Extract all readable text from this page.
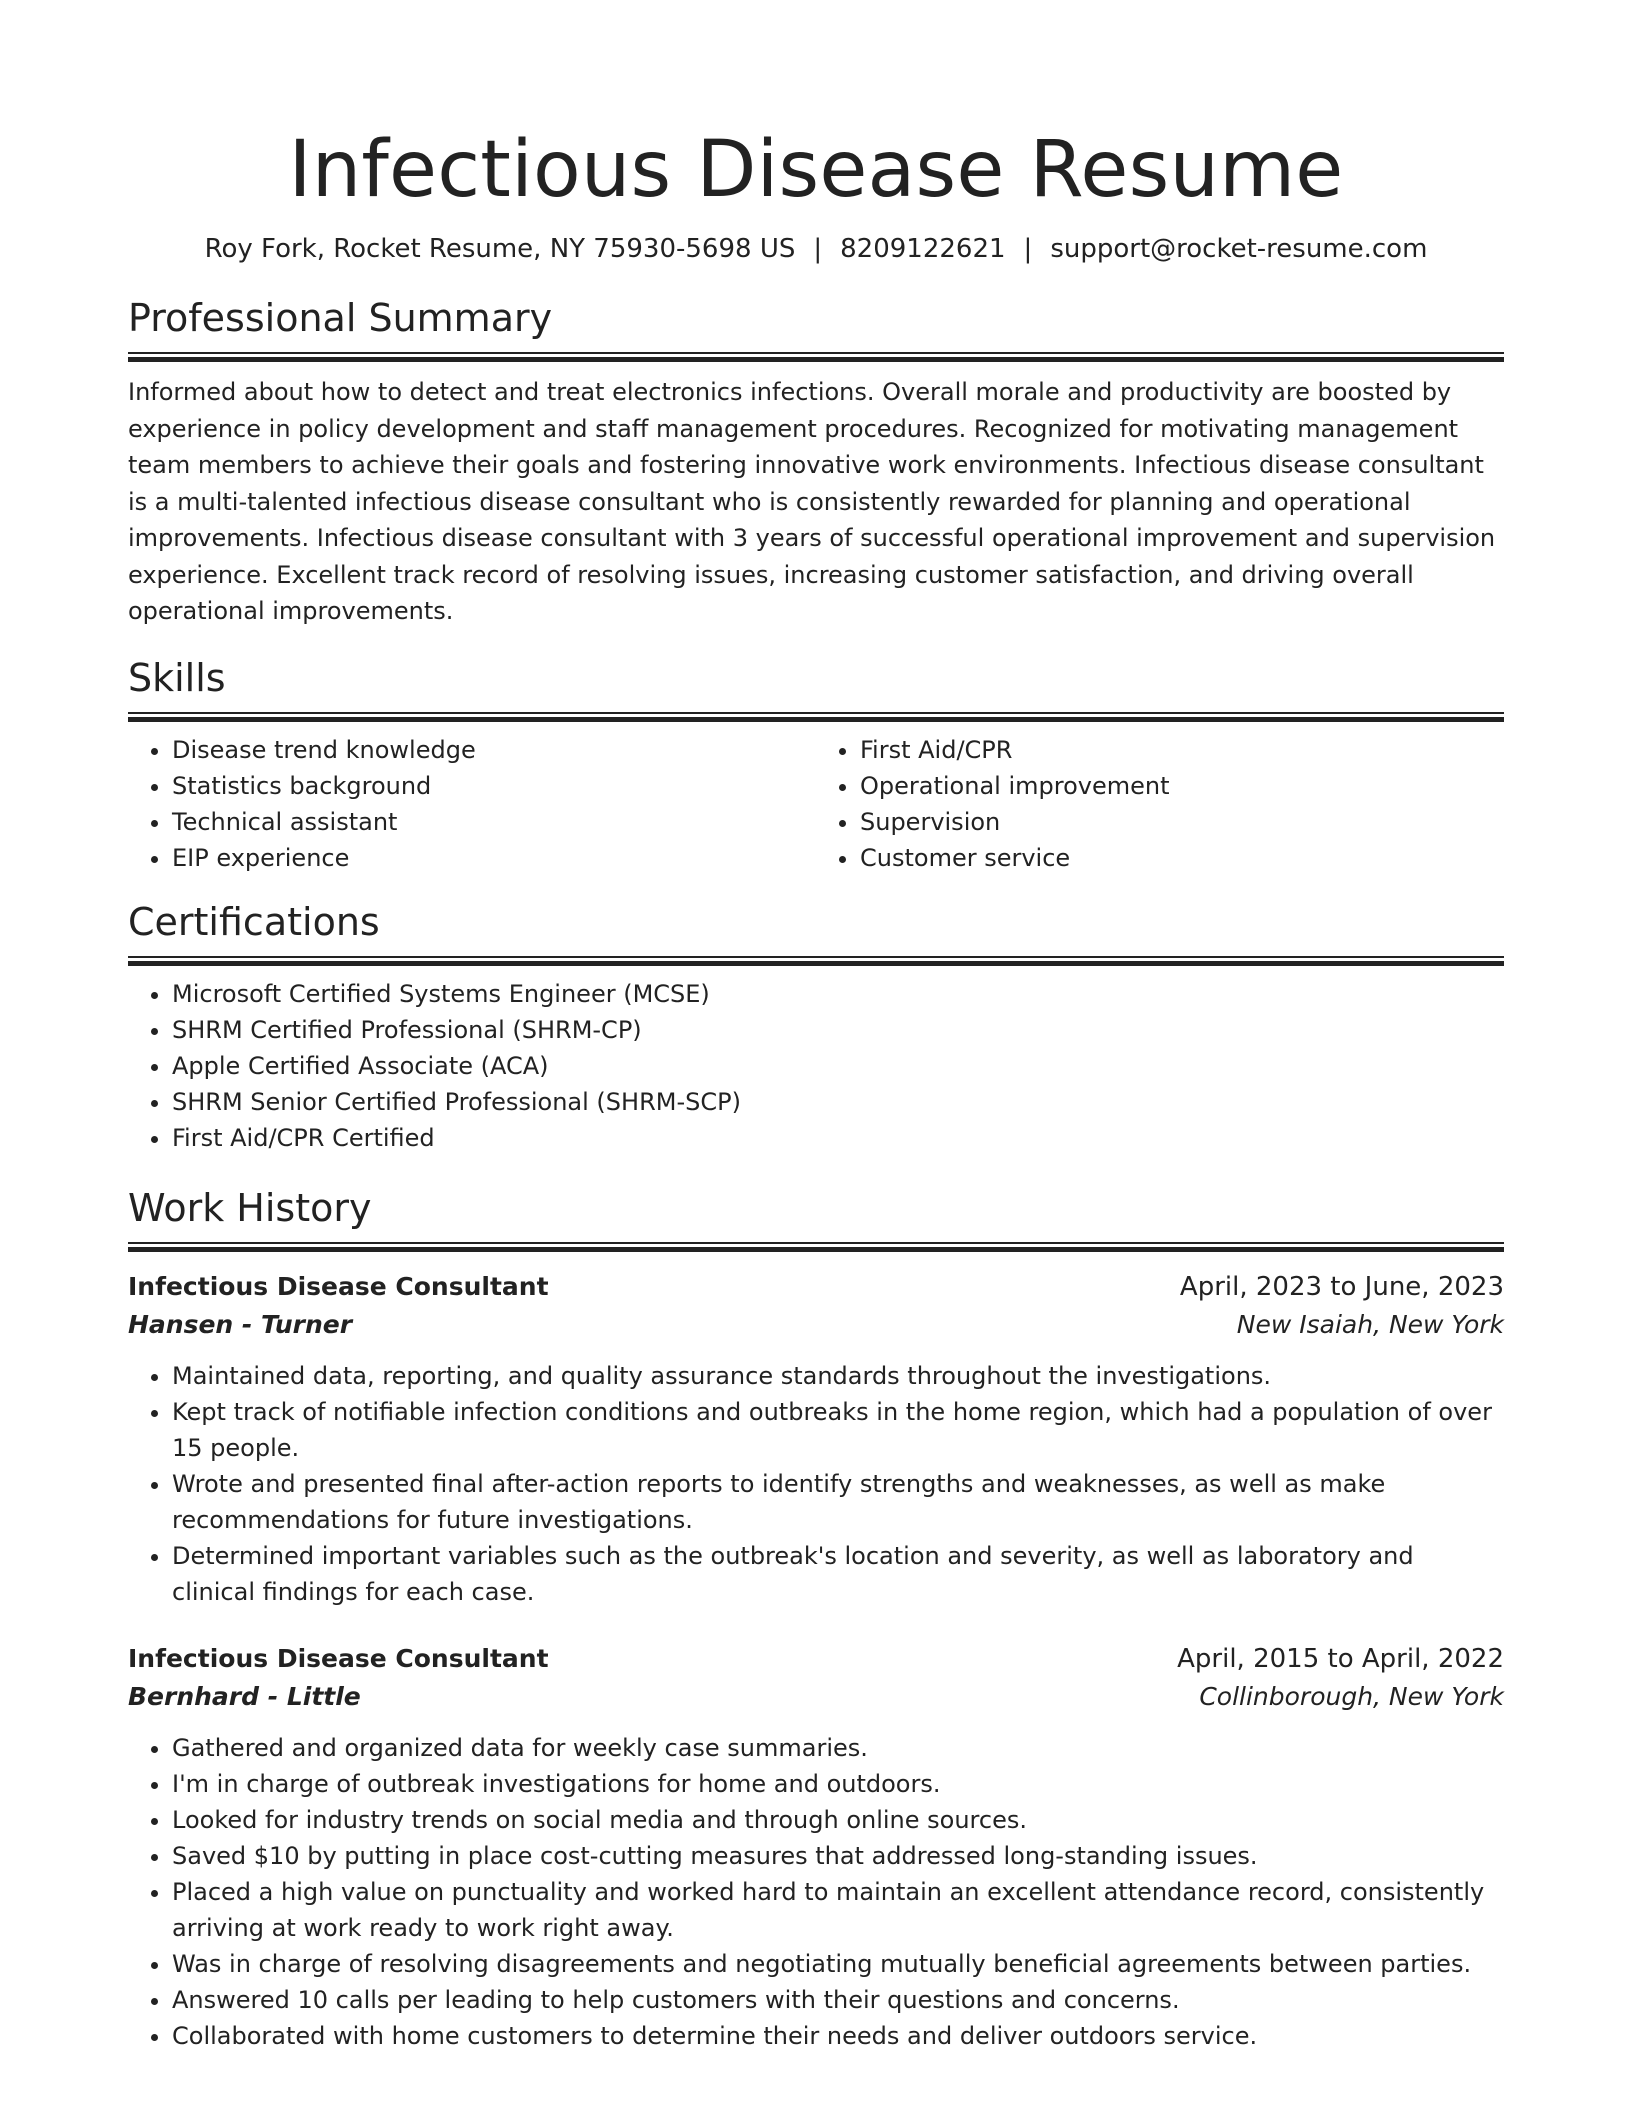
Infectious Disease Resume
Roy Fork, Rocket Resume, NY 75930-5698 US | 8209122621 | support@rocket-resume.com
Professional Summary

Informed about how to detect and treat electronics infections. Overall morale and productivity are boosted by experience in policy development and staff management procedures. Recognized for motivating management team members to achieve their goals and fostering innovative work environments. Infectious disease consultant is a multi-talented infectious disease consultant who is consistently rewarded for planning and operational improvements. Infectious disease consultant with 3 years of successful operational improvement and supervision experience. Excellent track record of resolving issues, increasing customer satisfaction, and driving overall operational improvements.

Skills
• Disease trend knowledge
• Statistics background
• Technical assistant
• EIP experience
• First Aid/CPR
• Operational improvement
• Supervision
• Customer service
Certifications
• Microsoft Certified Systems Engineer (MCSE)
• SHRM Certified Professional (SHRM-CP)
• Apple Certified Associate (ACA)
• SHRM Senior Certified Professional (SHRM-SCP)
• First Aid/CPR Certified
Work History
Infectious Disease Consultant	April, 2023 to June, 2023
Hansen - Turner	New Isaiah, New York
• Maintained data, reporting, and quality assurance standards throughout the investigations.
• Kept track of notifiable infection conditions and outbreaks in the home region, which had a population of over 15 people.
• Wrote and presented final after-action reports to identify strengths and weaknesses, as well as make recommendations for future investigations.
• Determined important variables such as the outbreak's location and severity, as well as laboratory and clinical findings for each case.
Infectious Disease Consultant	April, 2015 to April, 2022
Bernhard - Little	Collinborough, New York
• Gathered and organized data for weekly case summaries.
• I'm in charge of outbreak investigations for home and outdoors.
• Looked for industry trends on social media and through online sources.
• Saved $10 by putting in place cost-cutting measures that addressed long-standing issues.
• Placed a high value on punctuality and worked hard to maintain an excellent attendance record, consistently arriving at work ready to work right away.
• Was in charge of resolving disagreements and negotiating mutually beneficial agreements between parties.
• Answered 10 calls per leading to help customers with their questions and concerns.
• Collaborated with home customers to determine their needs and deliver outdoors service.
